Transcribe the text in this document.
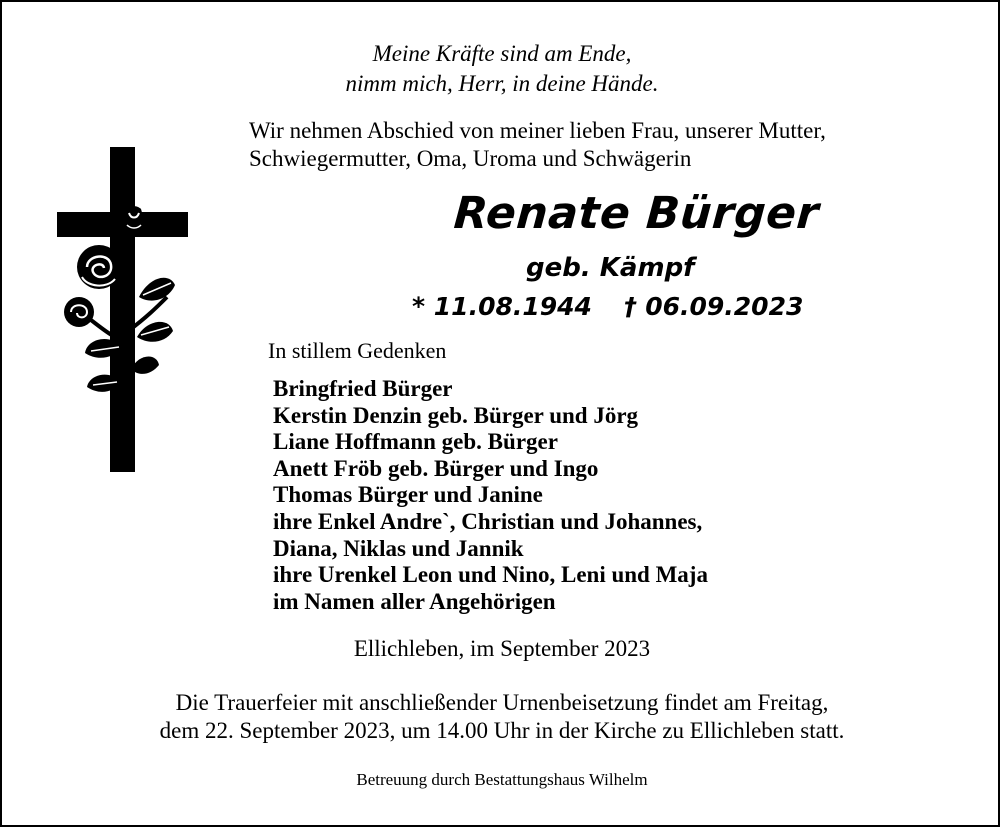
Meine Kräfte sind am Ende,
nimm mich, Herr, in deine Hände.
Wir nehmen Abschied von meiner lieben Frau, unserer Mutter,
Schwiegermutter, Oma, Uroma und Schwägerin
Renate Bürger
geb. Kämpf
* 11.08.1944 † 06.09.2023
In stillem Gedenken
Bringfried Bürger
Kerstin Denzin geb. Bürger und Jörg
Liane Hoffmann geb. Bürger
Anett Fröb geb. Bürger und Ingo
Thomas Bürger und Janine
ihre Enkel Andre`, Christian und Johannes,
Diana, Niklas und Jannik
ihre Urenkel Leon und Nino, Leni und Maja
im Namen aller Angehörigen
Ellichleben, im September 2023
Die Trauerfeier mit anschließender Urnenbeisetzung findet am Freitag,
dem 22. September 2023, um 14.00 Uhr in der Kirche zu Ellichleben statt.
Betreuung durch Bestattungshaus Wilhelm
